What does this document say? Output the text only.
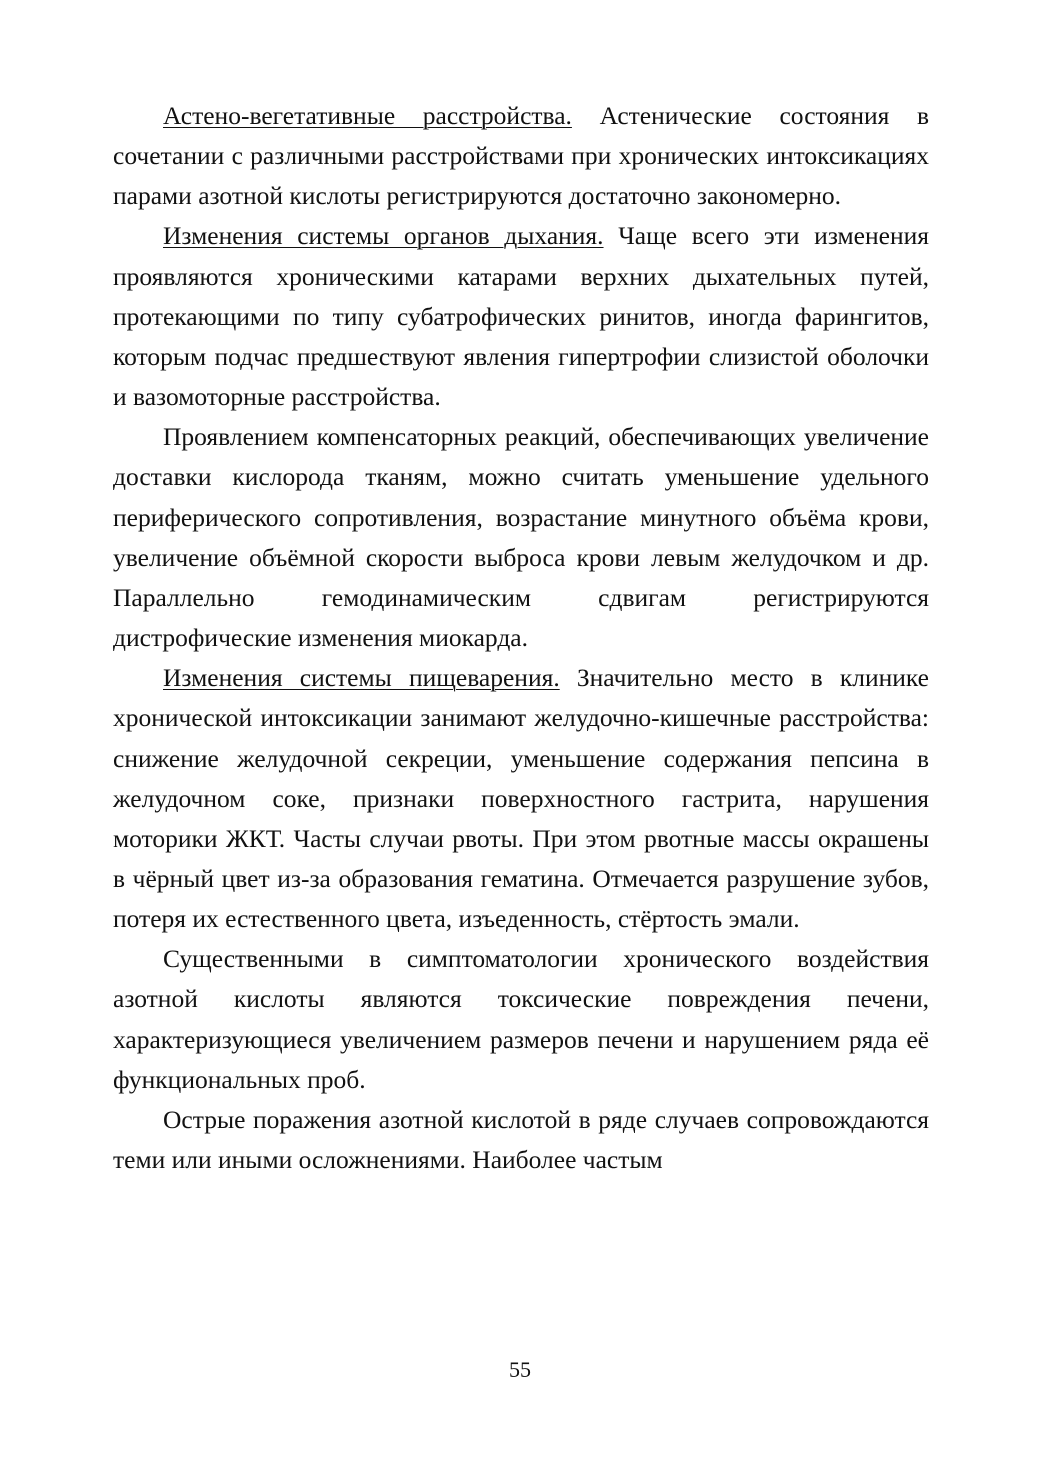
Астено-вегетативные расстройства. Астенические состояния в сочетании с различными расстройствами при хронических интоксикациях парами азотной кислоты регистрируются достаточно закономерно.

Изменения системы органов дыхания. Чаще всего эти изменения проявляются хроническими катарами верхних дыхательных путей, протекающими по типу субатрофических ринитов, иногда фарингитов, которым подчас предшествуют явления гипертрофии слизистой оболочки и вазомоторные расстройства.

Проявлением компенсаторных реакций, обеспечивающих увеличение доставки кислорода тканям, можно считать уменьшение удельного периферического сопротивления, возрастание минутного объёма крови, увеличение объёмной скорости выброса крови левым желудочком и др. Параллельно гемодинамическим сдвигам регистрируются дистрофические изменения миокарда.

Изменения системы пищеварения. Значительно место в клинике хронической интоксикации занимают желудочно-кишечные расстройства: снижение желудочной секреции, уменьшение содержания пепсина в желудочном соке, признаки поверхностного гастрита, нарушения моторики ЖКТ. Часты случаи рвоты. При этом рвотные массы окрашены в чёрный цвет из-за образования гематина. Отмечается разрушение зубов, потеря их естественного цвета, изъеденность, стёртость эмали.

Существенными в симптоматологии хронического воздействия азотной кислоты являются токсические повреждения печени, характеризующиеся увеличением размеров печени и нарушением ряда её функциональных проб.

Острые поражения азотной кислотой в ряде случаев сопровождаются теми или иными осложнениями. Наиболее частым

55
